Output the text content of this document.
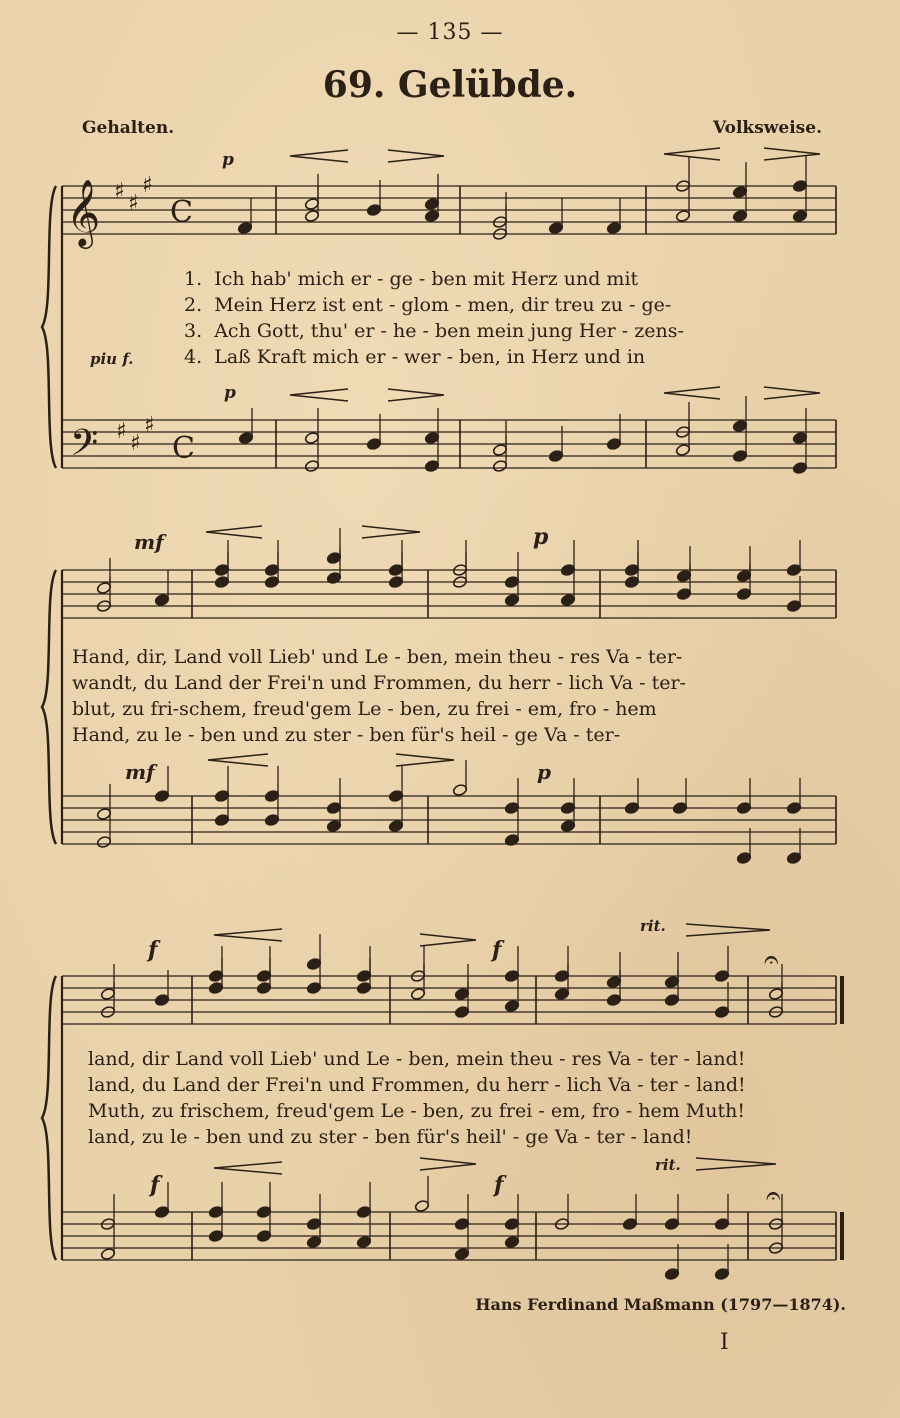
— 135 —
69. Gelübde.
Gehalten.	Volksweise.
𝄞
𝄢
♯ ♯
♯
♯ ♯
♯
C
C
𝄐
𝄐
p
p
piu f.
1.  Ich hab' mich er - ge - ben mit Herz und mit
2.  Mein Herz ist ent - glom - men, dir treu zu - ge-
3.  Ach Gott, thu' er - he - ben mein jung Her - zens-
4.  Laß Kraft mich er - wer - ben, in Herz und in
mf	p
mf	p
Hand, dir, Land voll Lieb' und Le - ben, mein theu - res Va - ter-
wandt, du Land der Frei'n und Frommen, du herr - lich Va - ter-
blut, zu fri-schem, freud'gem Le - ben, zu frei - em, fro - hem
Hand, zu le - ben und zu ster - ben für's heil - ge Va - ter-
f	f
rit.
f	f
rit.
land, dir Land voll Lieb' und Le - ben, mein theu - res Va - ter - land!
land, du Land der Frei'n und Frommen, du herr - lich Va - ter - land!
Muth, zu frischem, freud'gem Le - ben, zu frei - em, fro - hem Muth!
land, zu le - ben und zu ster - ben für's heil' - ge Va - ter - land!
Hans Ferdinand Maßmann (1797—1874).
I
